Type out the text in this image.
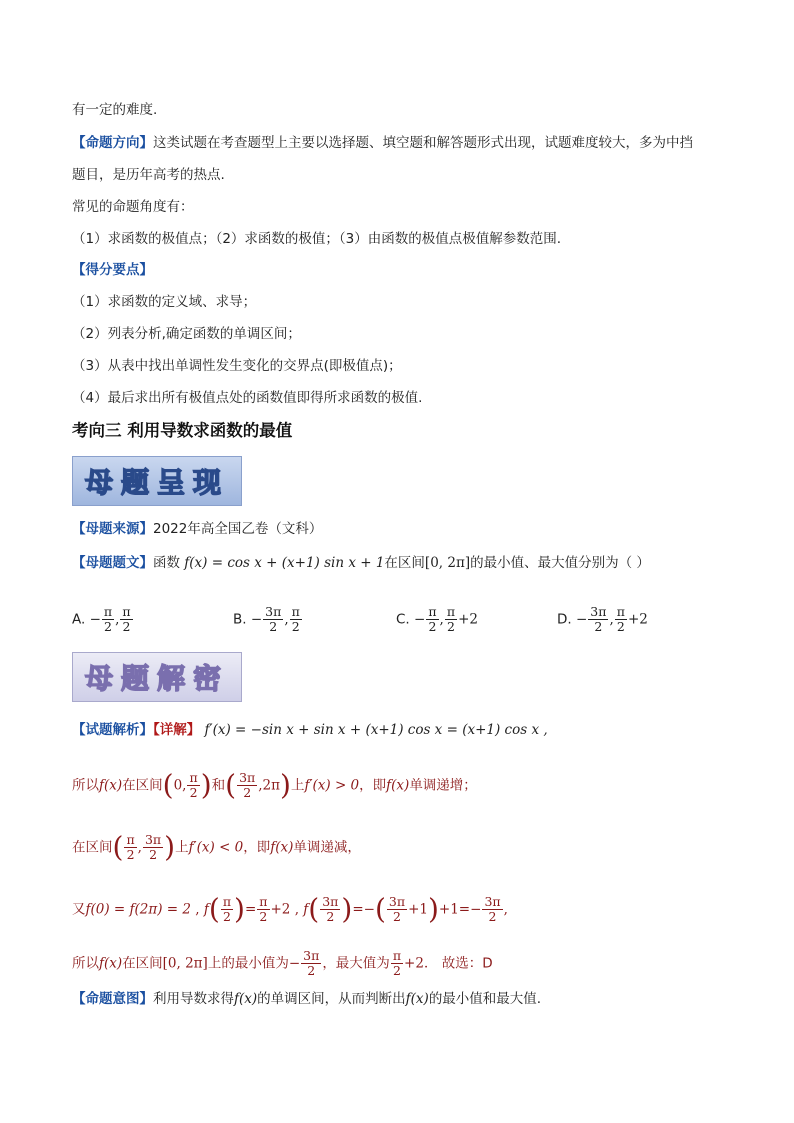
有一定的难度.
【命题方向】这类试题在考查题型上主要以选择题、填空题和解答题形式出现，试题难度较大，多为中挡
题目，是历年高考的热点.
常见的命题角度有：
（1）求函数的极值点；（2）求函数的极值；（3）由函数的极值点极值解参数范围.
【得分要点】
（1）求函数的定义域、求导；
（2）列表分析,确定函数的单调区间；
（3）从表中找出单调性发生变化的交界点(即极值点)；
（4）最后求出所有极值点处的函数值即得所求函数的极值.
考向三 利用导数求函数的最值
母题呈现
【母题来源】2022年高全国乙卷（文科）
【母题题文】函数 f(x) = cos x + (x+1) sin x + 1在区间[0, 2π]的最小值、最大值分别为（ ）
A. − $\frac{\pi}{2}$ , $\frac{\pi}{2}$	B. − $\frac{3\pi}{2}$ , $\frac{\pi}{2}$	C. − $\frac{\pi}{2}$ , $\frac{\pi}{2} +2$	D. − $\frac{3\pi}{2}$ , $\frac{\pi}{2} +2$
母题解密
【试题解析】【详解】 f′(x) = −sin x + sin x + (x+1) cos x = (x+1) cos x ,
所以f(x)在区间(0, $\frac{\pi}{2}$ )和( $\frac{3\pi}{2} ,2\pi$)上f′(x) > 0，即f(x)单调递增；
在区间( $\frac{\pi}{2}$ , $\frac{3\pi}{2}$ )上f′(x) < 0，即f(x)单调递减，
又f(0) = f(2π) = 2 , $f( \frac{\pi}{2}$ )= $\frac{\pi}{2} +2$ , $f( \frac{3\pi}{2}$ )=−( $\frac{3\pi}{2} +1)+1=- \frac{3\pi}{2}$ ,
所以f(x)在区间[0, 2π]上的最小值为− $\frac{3\pi}{2}$ ，最大值为 $\frac{\pi}{2} +2$． 故选：D
【命题意图】利用导数求得f(x)的单调区间，从而判断出f(x)的最小值和最大值.
